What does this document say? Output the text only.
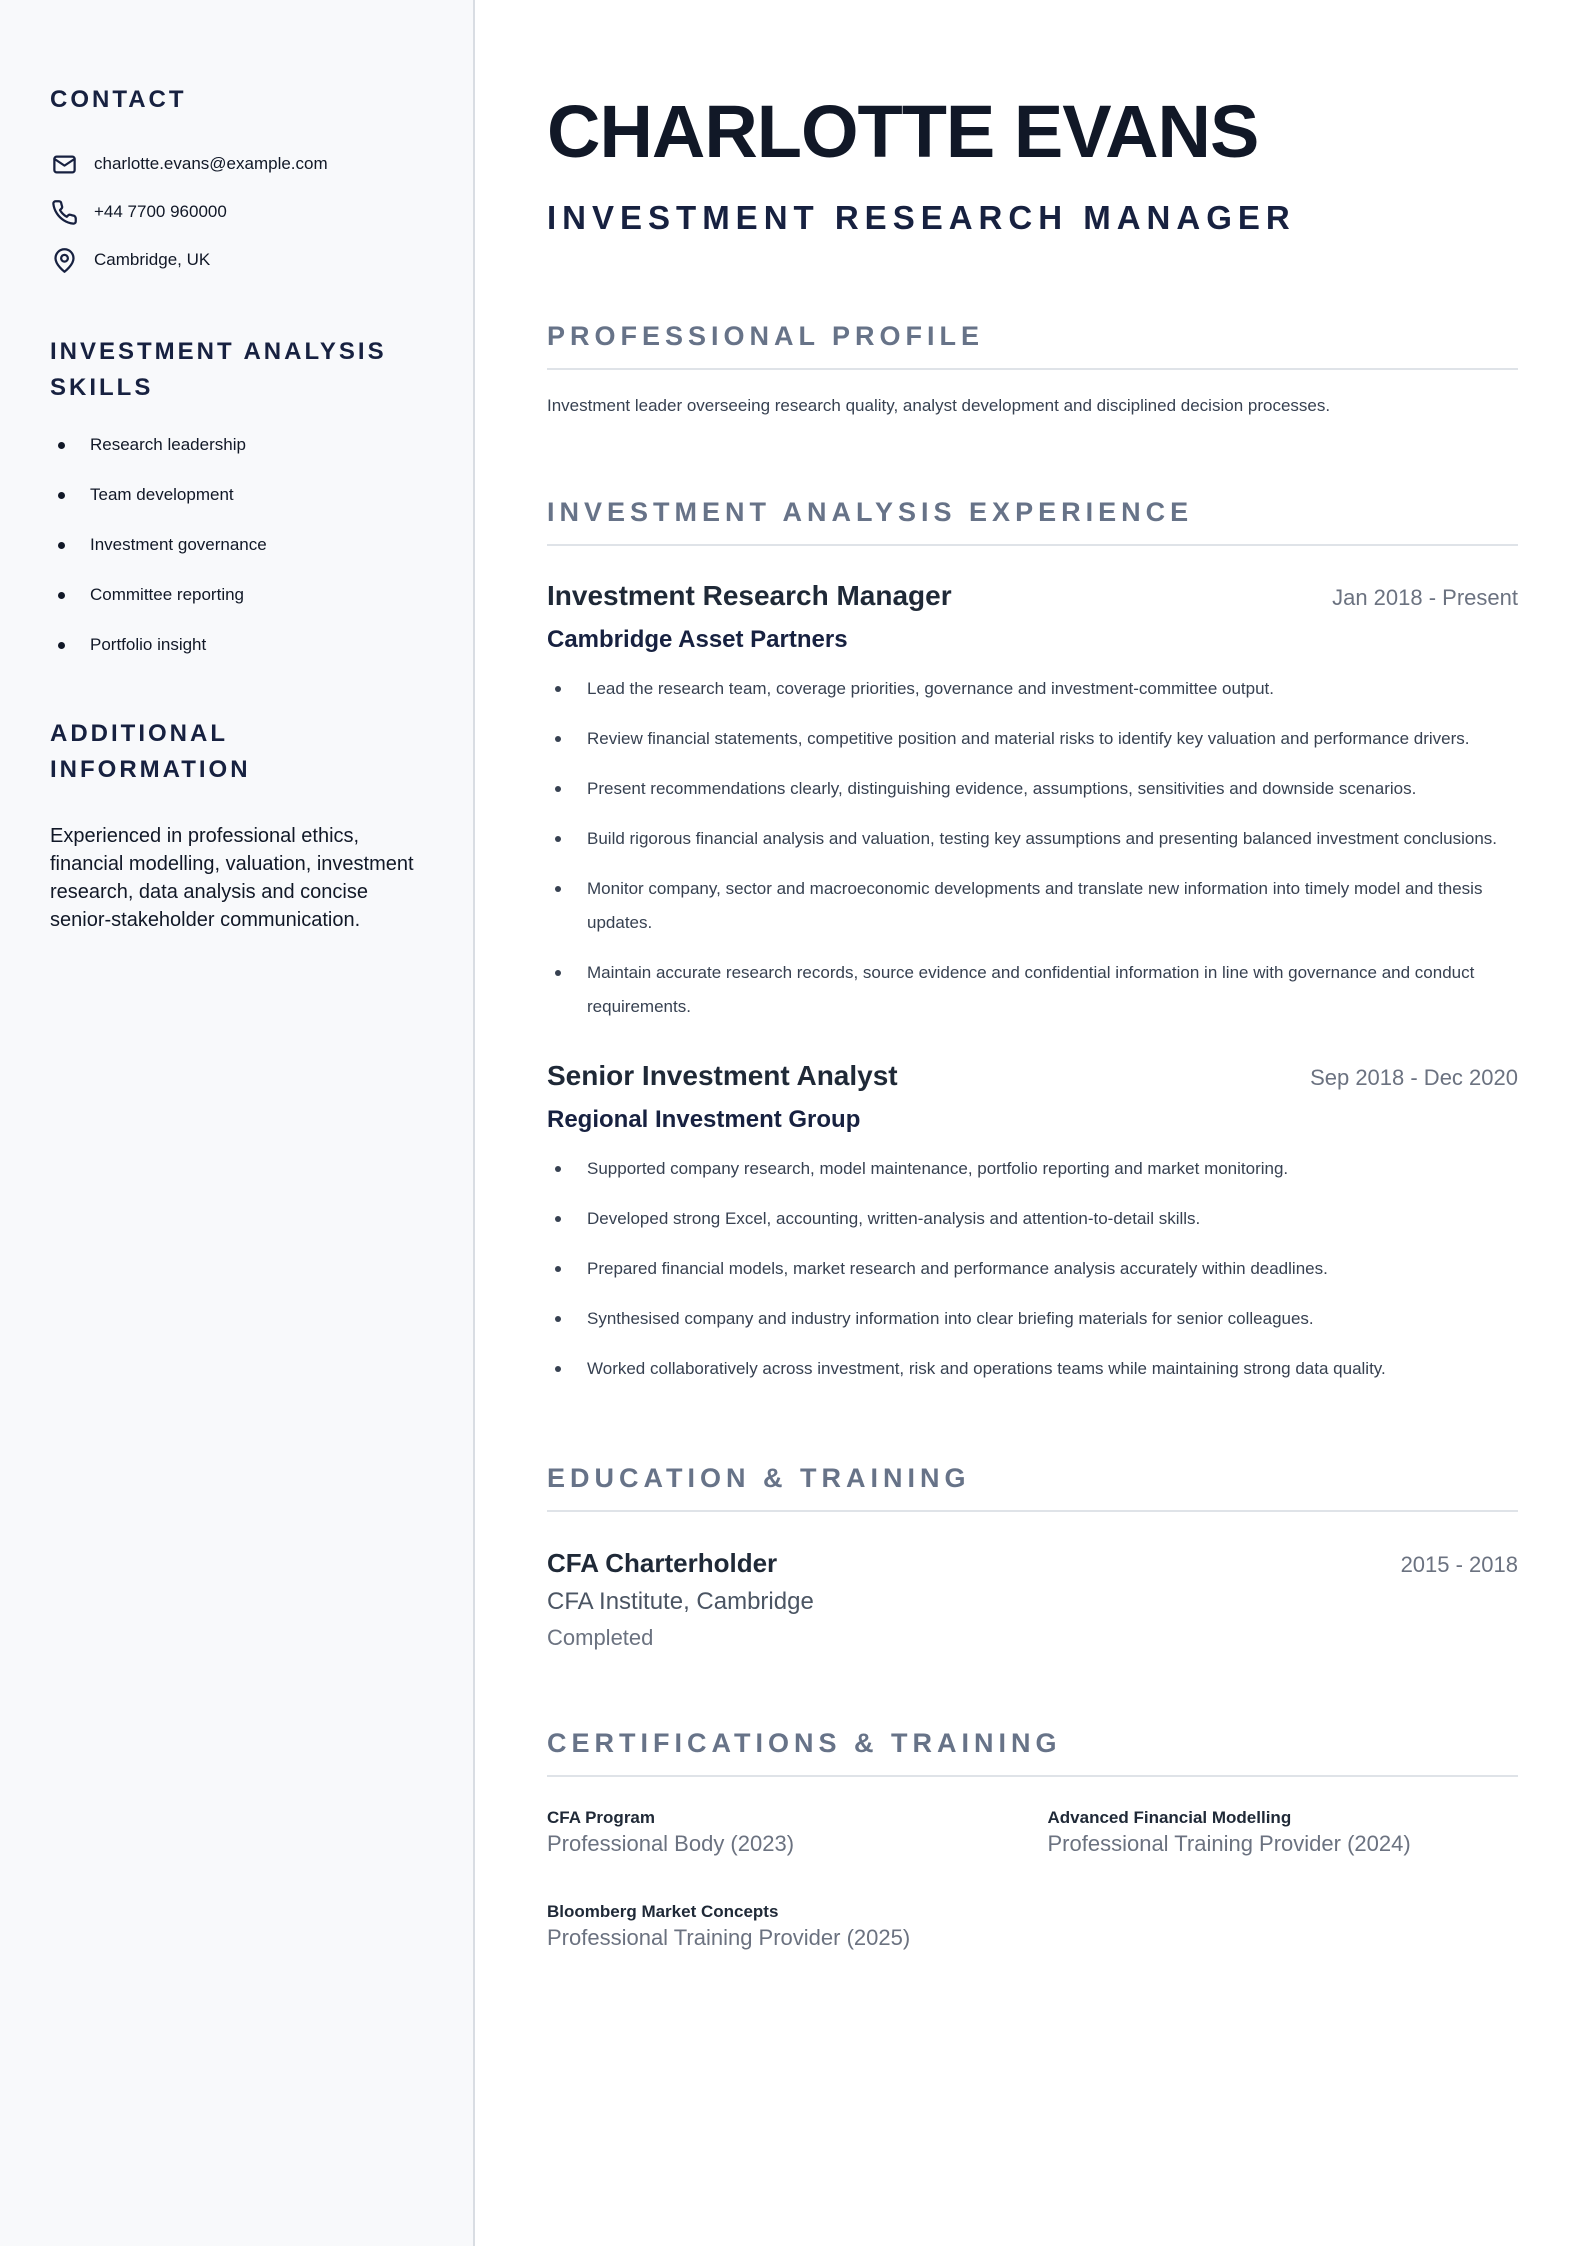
CONTACT
charlotte.evans@example.com
+44 7700 960000
Cambridge, UK
INVESTMENT ANALYSIS SKILLS
Research leadership
Team development
Investment governance
Committee reporting
Portfolio insight
ADDITIONAL INFORMATION

Experienced in professional ethics, financial modelling, valuation, investment research, data analysis and concise senior-stakeholder communication.

CHARLOTTE EVANS
INVESTMENT RESEARCH MANAGER
PROFESSIONAL PROFILE

Investment leader overseeing research quality, analyst development and disciplined decision processes.

INVESTMENT ANALYSIS EXPERIENCE
Investment Research Manager	Jan 2018 - Present
Cambridge Asset Partners
Lead the research team, coverage priorities, governance and investment-committee output.
Review financial statements, competitive position and material risks to identify key valuation and performance drivers.
Present recommendations clearly, distinguishing evidence, assumptions, sensitivities and downside scenarios.
Build rigorous financial analysis and valuation, testing key assumptions and presenting balanced investment conclusions.
Monitor company, sector and macroeconomic developments and translate new information into timely model and thesis updates.
Maintain accurate research records, source evidence and confidential information in line with governance and conduct requirements.
Senior Investment Analyst	Sep 2018 - Dec 2020
Regional Investment Group
Supported company research, model maintenance, portfolio reporting and market monitoring.
Developed strong Excel, accounting, written-analysis and attention-to-detail skills.
Prepared financial models, market research and performance analysis accurately within deadlines.
Synthesised company and industry information into clear briefing materials for senior colleagues.
Worked collaboratively across investment, risk and operations teams while maintaining strong data quality.
EDUCATION & TRAINING
CFA Charterholder	2015 - 2018
CFA Institute, Cambridge
Completed
CERTIFICATIONS & TRAINING
CFA Program
Professional Body (2023)
Advanced Financial Modelling
Professional Training Provider (2024)
Bloomberg Market Concepts
Professional Training Provider (2025)
